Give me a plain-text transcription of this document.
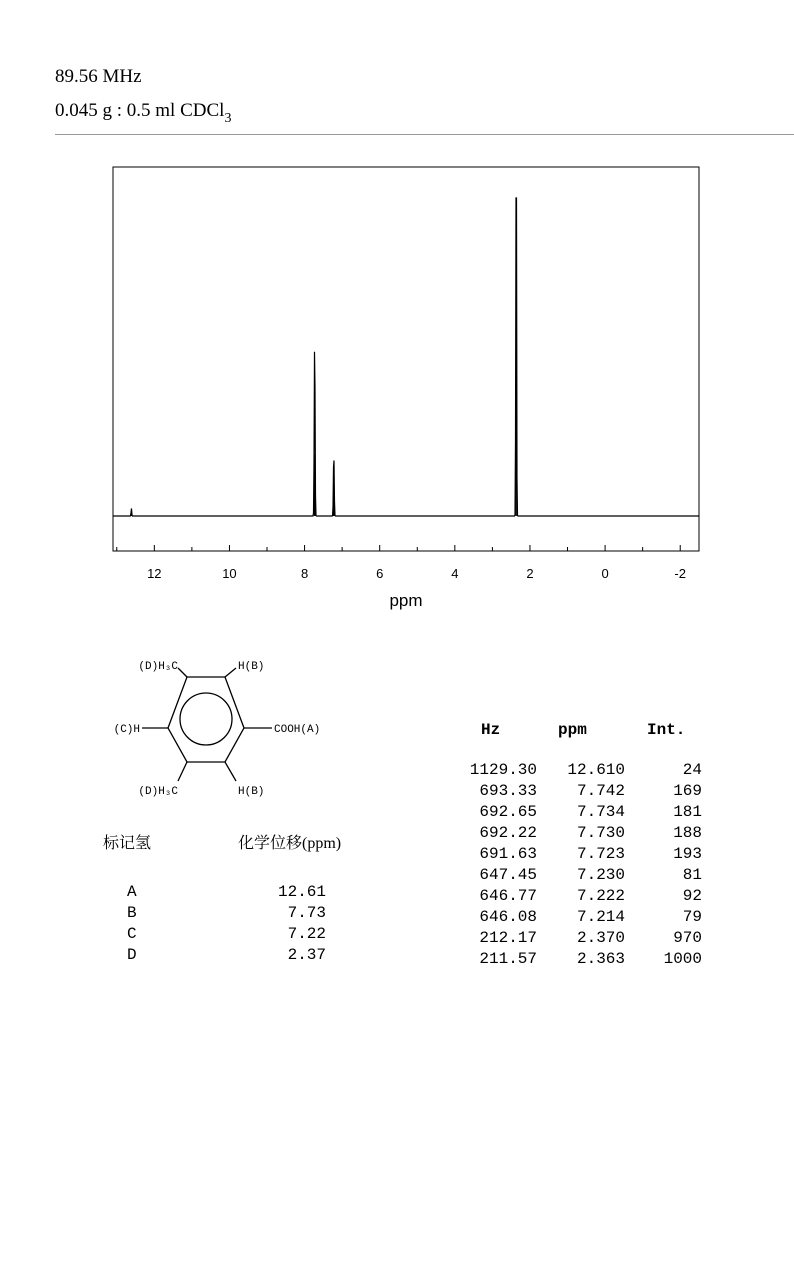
89.56 MHz
0.045 g : 0.5 ml CDCl$_3$
12	10	8	6	4	2	0	-2
ppm
(D)H₃C	H(B)
(C)H	COOH(A)
(D)H₃C	H(B)
标记氢	化学位移(ppm)
A	12.61
B	7.73
C	7.22
D	2.37
Hz	ppm	Int.
1129.30	12.610	24
693.33	7.742	169
692.65	7.734	181
692.22	7.730	188
691.63	7.723	193
647.45	7.230	81
646.77	7.222	92
646.08	7.214	79
212.17	2.370	970
211.57	2.363	1000
